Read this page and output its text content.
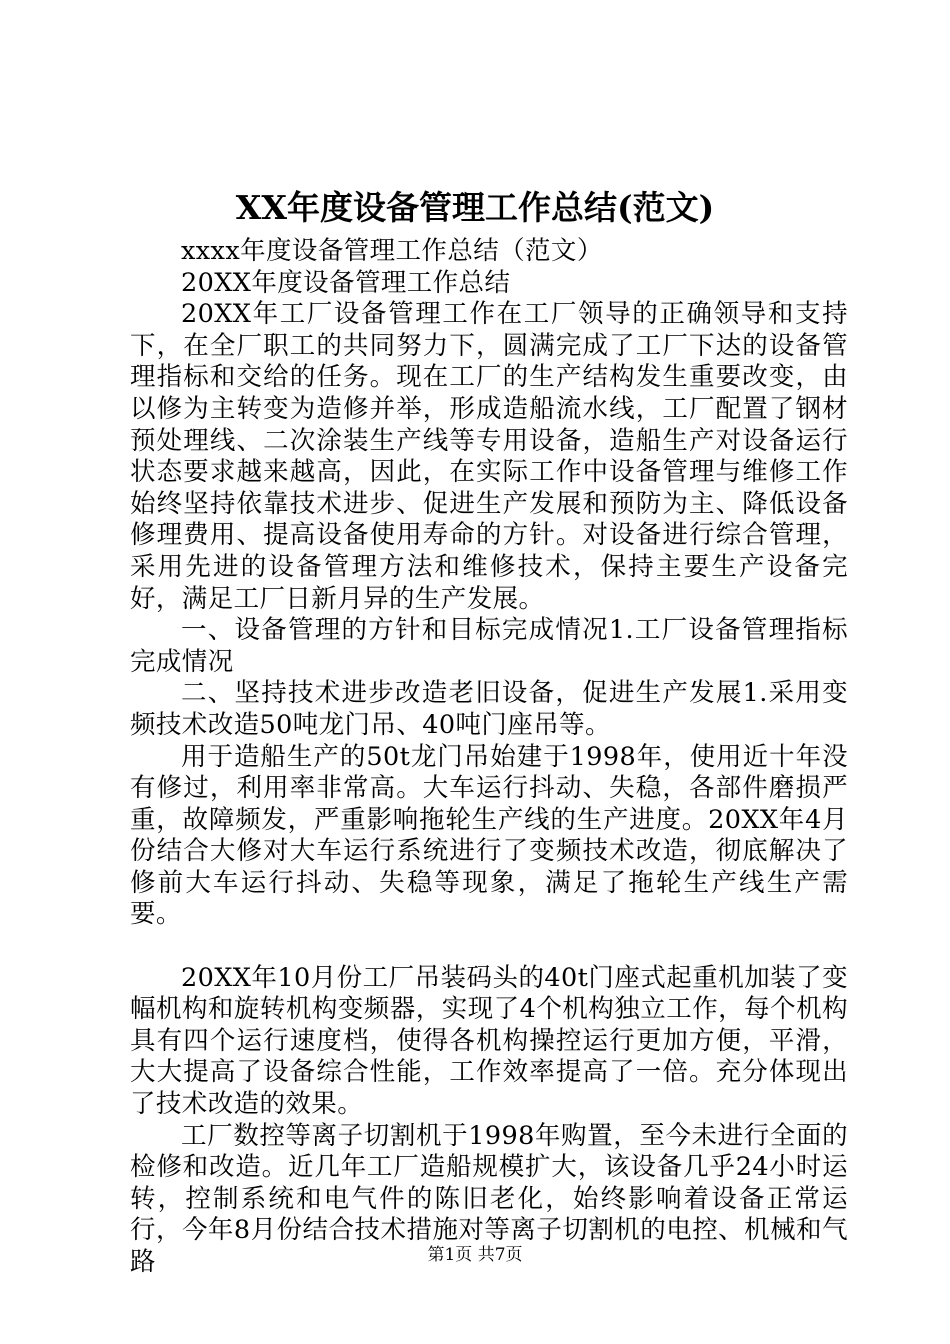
XX年度设备管理工作总结(范文)

xxxx年度设备管理工作总结（范文）

20XX年度设备管理工作总结

20XX年工厂设备管理工作在工厂领导的正确领导和支持下，在全厂职工的共同努力下，圆满完成了工厂下达的设备管理指标和交给的任务。现在工厂的生产结构发生重要改变，由以修为主转变为造修并举，形成造船流水线，工厂配置了钢材预处理线、二次涂装生产线等专用设备，造船生产对设备运行状态要求越来越高，因此，在实际工作中设备管理与维修工作始终坚持依靠技术进步、促进生产发展和预防为主、降低设备修理费用、提高设备使用寿命的方针。对设备进行综合管理，采用先进的设备管理方法和维修技术，保持主要生产设备完好，满足工厂日新月异的生产发展。

一、设备管理的方针和目标完成情况1.工厂设备管理指标完成情况

二、坚持技术进步改造老旧设备，促进生产发展1.采用变频技术改造50吨龙门吊、40吨门座吊等。

用于造船生产的50t龙门吊始建于1998年，使用近十年没有修过，利用率非常高。大车运行抖动、失稳，各部件磨损严重，故障频发，严重影响拖轮生产线的生产进度。20XX年4月份结合大修对大车运行系统进行了变频技术改造，彻底解决了修前大车运行抖动、失稳等现象，满足了拖轮生产线生产需要。

20XX年10月份工厂吊装码头的40t门座式起重机加装了变幅机构和旋转机构变频器，实现了4个机构独立工作，每个机构具有四个运行速度档，使得各机构操控运行更加方便，平滑，大大提高了设备综合性能，工作效率提高了一倍。充分体现出了技术改造的效果。

工厂数控等离子切割机于1998年购置，至今未进行全面的检修和改造。近几年工厂造船规模扩大，该设备几乎24小时运转，控制系统和电气件的陈旧老化，始终影响着设备正常运行，今年8月份结合技术措施对等离子切割机的电控、机械和气路	第1页 共7页
